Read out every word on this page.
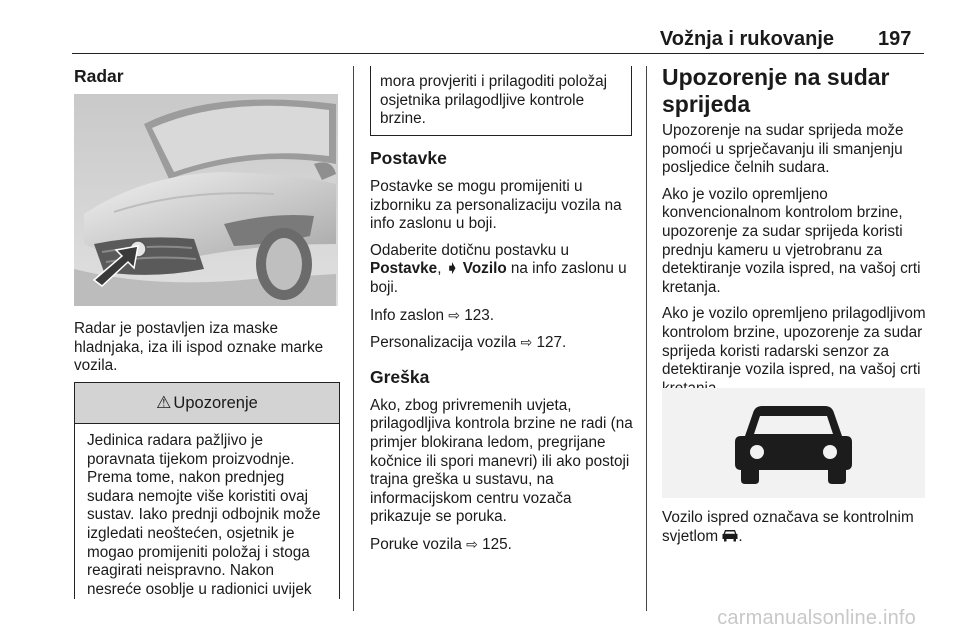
Vožnja i rukovanje 197
Radar

Radar je postavljen iza maske hladnjaka, iza ili ispod oznake marke vozila.

⚠ Upozorenje
Jedinica radara pažljivo je poravnata tijekom proizvodnje. Prema tome, nakon prednjeg sudara nemojte više koristiti ovaj sustav. Iako prednji odbojnik može izgledati neoštećen, osjetnik je mogao promijeniti položaj i stoga reagirati neispravno. Nakon nesreće osoblje u radionici uvijek
mora provjeriti i prilagoditi položaj osjetnika prilagodljive kontrole brzine.
Postavke

Postavke se mogu promijeniti u izborniku za personalizaciju vozila na info zaslonu u boji.

Odaberite dotičnu postavku u
Postavke, ➧ Vozilo na info zaslonu u boji.

Info zaslon ⇨ 123.

Personalizacija vozila ⇨ 127.

Greška

Ako, zbog privremenih uvjeta, prilagodljiva kontrola brzine ne radi (na primjer blokirana ledom, pregrijane kočnice ili spori manevri) ili ako postoji trajna greška u sustavu, na informacijskom centru vozača prikazuje se poruka.

Poruke vozila ⇨ 125.

Upozorenje na sudar sprijeda

Upozorenje na sudar sprijeda može pomoći u sprječavanju ili smanjenju posljedice čelnih sudara.

Ako je vozilo opremljeno konvencionalnom kontrolom brzine, upozorenje za sudar sprijeda koristi prednju kameru u vjetrobranu za detektiranje vozila ispred, na vašoj crti kretanja.

Ako je vozilo opremljeno prilagodljivom kontrolom brzine, upozorenje za sudar sprijeda koristi radarski senzor za detektiranje vozila ispred, na vašoj crti

Vozilo ispred označava se kontrolnim svjetlom .

carmanualsonline.info
